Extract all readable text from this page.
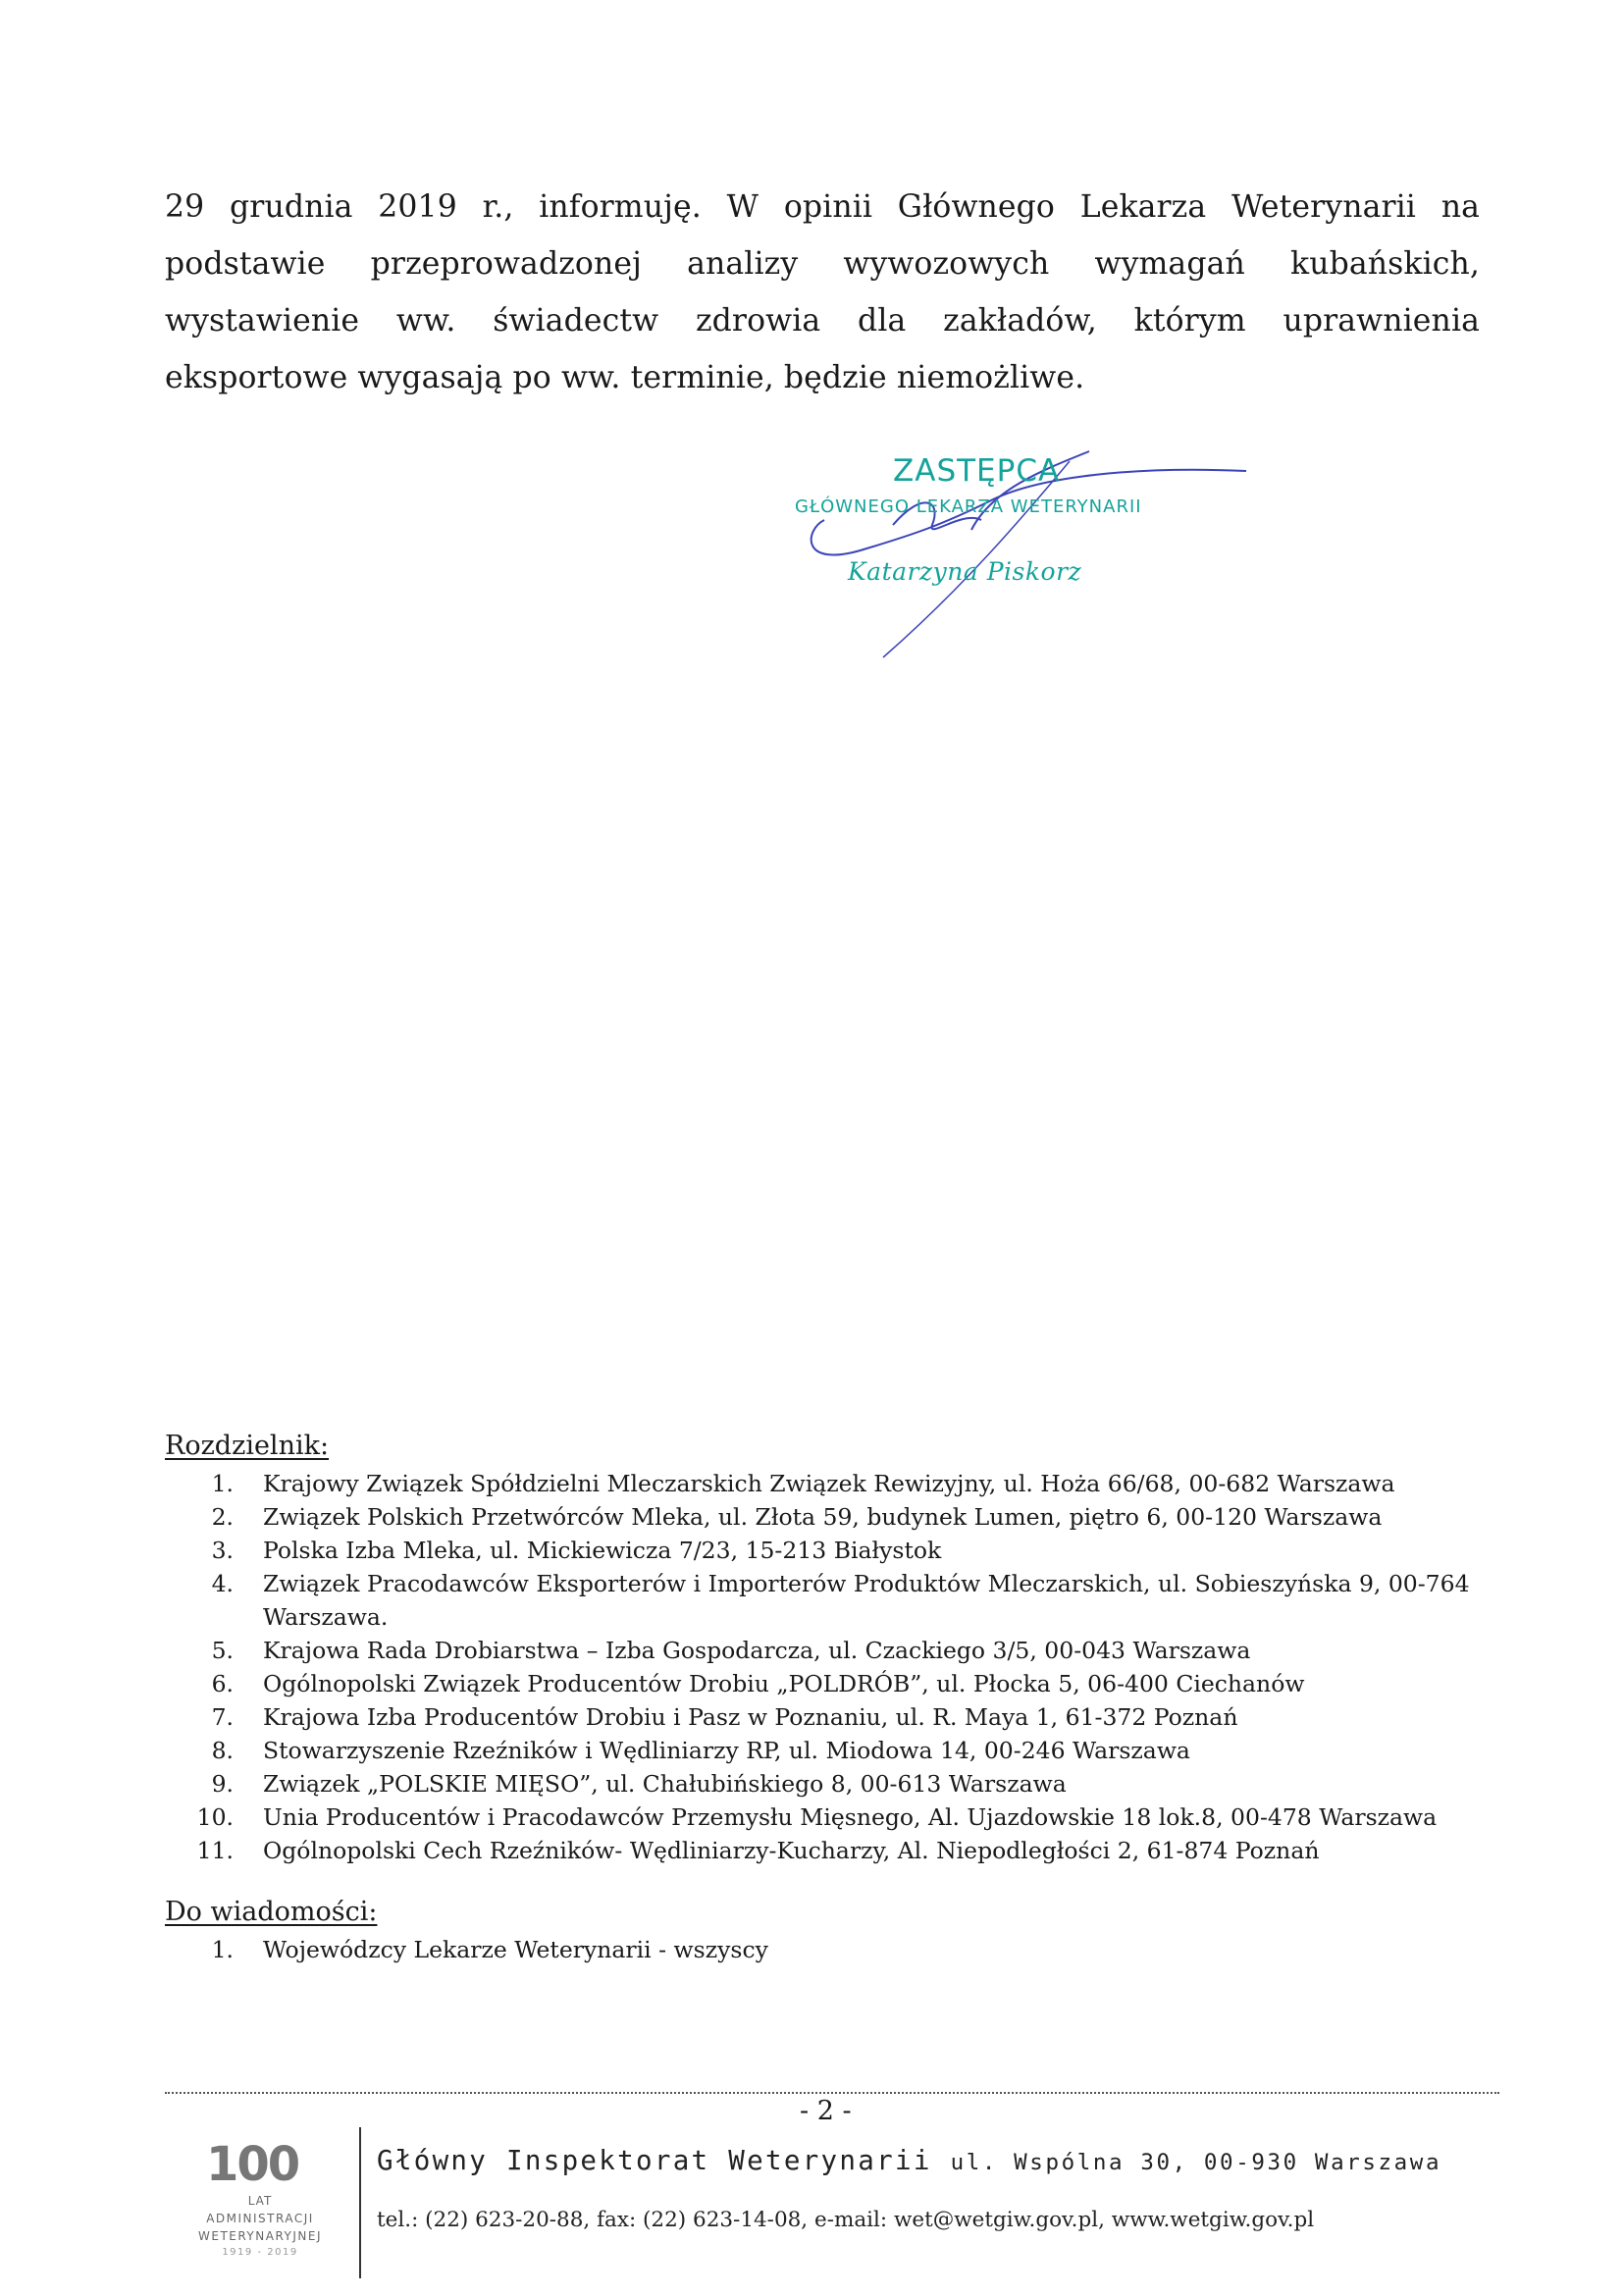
29 grudnia 2019 r., informuję. W opinii Głównego Lekarza Weterynarii na podstawie przeprowadzonej analizy wywozowych wymagań kubańskich, wystawienie ww. świadectw zdrowia dla zakładów, którym uprawnienia eksportowe wygasają po ww. terminie, będzie niemożliwe.

ZASTĘPCA
GŁÓWNEGO LEKARZA WETERYNARII
Katarzyna Piskorz
Rozdzielnik:
1. Krajowy Związek Spółdzielni Mleczarskich Związek Rewizyjny, ul. Hoża 66/68, 00-682 Warszawa
2. Związek Polskich Przetwórców Mleka, ul. Złota 59, budynek Lumen, piętro 6, 00-120 Warszawa
3. Polska Izba Mleka, ul. Mickiewicza 7/23, 15-213 Białystok
4. Związek Pracodawców Eksporterów i Importerów Produktów Mleczarskich, ul. Sobieszyńska 9, 00-764 Warszawa.
5. Krajowa Rada Drobiarstwa – Izba Gospodarcza, ul. Czackiego 3/5, 00-043 Warszawa
6. Ogólnopolski Związek Producentów Drobiu „POLDRÓB”, ul. Płocka 5, 06-400 Ciechanów
7. Krajowa Izba Producentów Drobiu i Pasz w Poznaniu, ul. R. Maya 1, 61-372 Poznań
8. Stowarzyszenie Rzeźników i Wędliniarzy RP, ul. Miodowa 14, 00-246 Warszawa
9. Związek „POLSKIE MIĘSO”, ul. Chałubińskiego 8, 00-613 Warszawa
10. Unia Producentów i Pracodawców Przemysłu Mięsnego, Al. Ujazdowskie 18 lok.8, 00-478 Warszawa
11. Ogólnopolski Cech Rzeźników- Wędliniarzy-Kucharzy, Al. Niepodległości 2, 61-874 Poznań
Do wiadomości:
1. Wojewódzcy Lekarze Weterynarii - wszyscy
- 2 -
100
LAT
ADMINISTRACJI
WETERYNARYJNEJ
1919 - 2019
Główny Inspektorat Weterynarii ul. Wspólna 30, 00-930 Warszawa
tel.: (22) 623-20-88, fax: (22) 623-14-08, e-mail: wet@wetgiw.gov.pl, www.wetgiw.gov.pl
